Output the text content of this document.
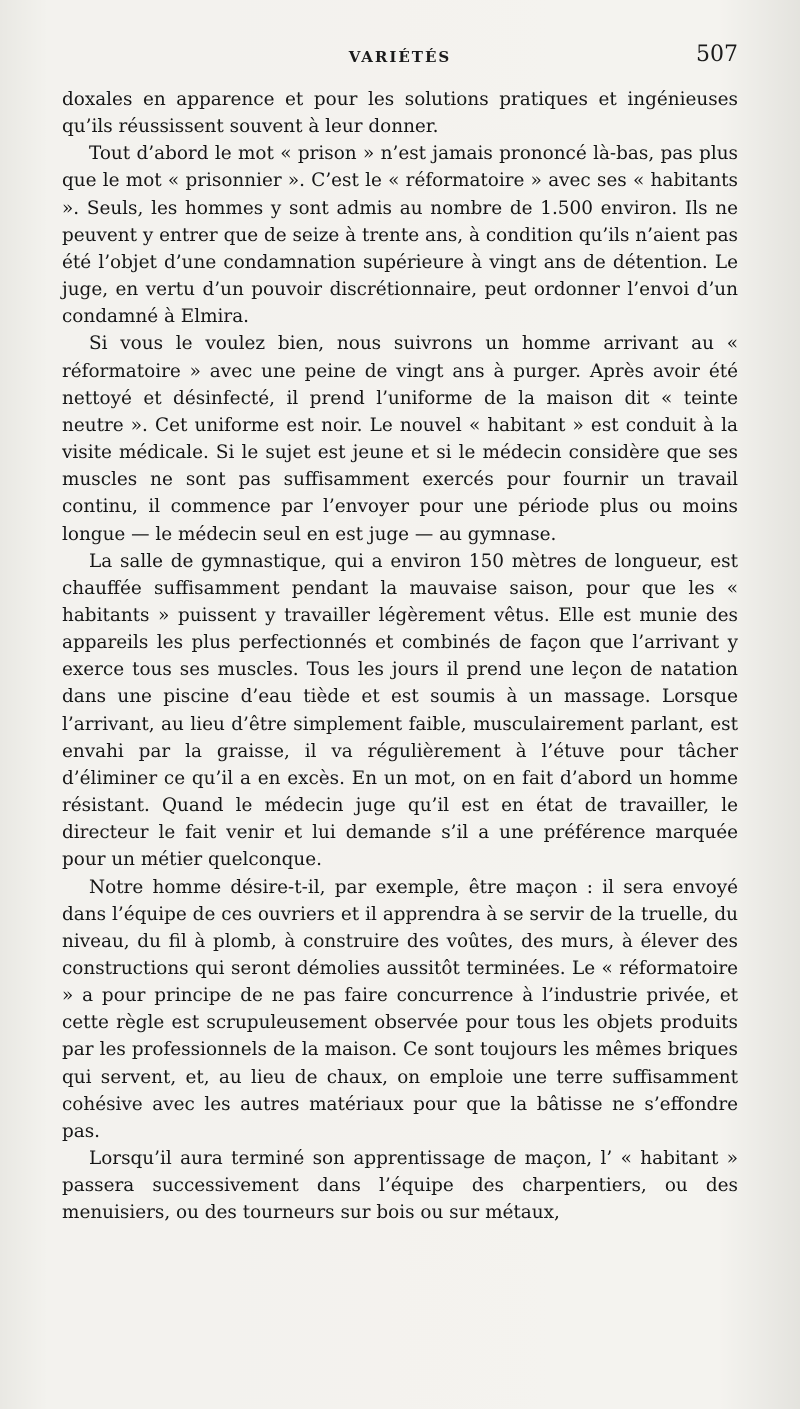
VARIÉTÉS	507

doxales en apparence et pour les solutions pratiques et ingénieuses qu’ils réussissent souvent à leur donner.

Tout d’abord le mot « prison » n’est jamais prononcé là-bas, pas plus que le mot « prisonnier ». C’est le « réformatoire » avec ses « habitants ». Seuls, les hommes y sont admis au nombre de 1.500 environ. Ils ne peuvent y entrer que de seize à trente ans, à condition qu’ils n’aient pas été l’objet d’une condamnation supérieure à vingt ans de détention. Le juge, en vertu d’un pouvoir discrétionnaire, peut ordonner l’envoi d’un condamné à Elmira.

Si vous le voulez bien, nous suivrons un homme arrivant au « réformatoire » avec une peine de vingt ans à purger. Après avoir été nettoyé et désinfecté, il prend l’uniforme de la maison dit « teinte neutre ». Cet uniforme est noir. Le nouvel « habitant » est conduit à la visite médicale. Si le sujet est jeune et si le médecin considère que ses muscles ne sont pas suffisamment exercés pour fournir un travail continu, il commence par l’envoyer pour une période plus ou moins longue — le médecin seul en est juge — au gymnase.

La salle de gymnastique, qui a environ 150 mètres de longueur, est chauffée suffisamment pendant la mauvaise saison, pour que les « habitants » puissent y travailler légèrement vêtus. Elle est munie des appareils les plus perfectionnés et combinés de façon que l’arrivant y exerce tous ses muscles. Tous les jours il prend une leçon de natation dans une piscine d’eau tiède et est soumis à un massage. Lorsque l’arrivant, au lieu d’être simplement faible, musculairement parlant, est envahi par la graisse, il va régulièrement à l’étuve pour tâcher d’éliminer ce qu’il a en excès. En un mot, on en fait d’abord un homme résistant. Quand le médecin juge qu’il est en état de travailler, le directeur le fait venir et lui demande s’il a une préférence marquée pour un métier quelconque.

Notre homme désire-t-il, par exemple, être maçon : il sera envoyé dans l’équipe de ces ouvriers et il apprendra à se servir de la truelle, du niveau, du fil à plomb, à construire des voûtes, des murs, à élever des constructions qui seront démolies aussitôt terminées. Le « réformatoire » a pour principe de ne pas faire concurrence à l’industrie privée, et cette règle est scrupuleusement observée pour tous les objets produits par les professionnels de la maison. Ce sont toujours les mêmes briques qui servent, et, au lieu de chaux, on emploie une terre suffisamment cohésive avec les autres matériaux pour que la bâtisse ne s’effondre pas.

Lorsqu’il aura terminé son apprentissage de maçon, l’ « habitant » passera successivement dans l’équipe des charpentiers, ou des menuisiers, ou des tourneurs sur bois ou sur métaux,
